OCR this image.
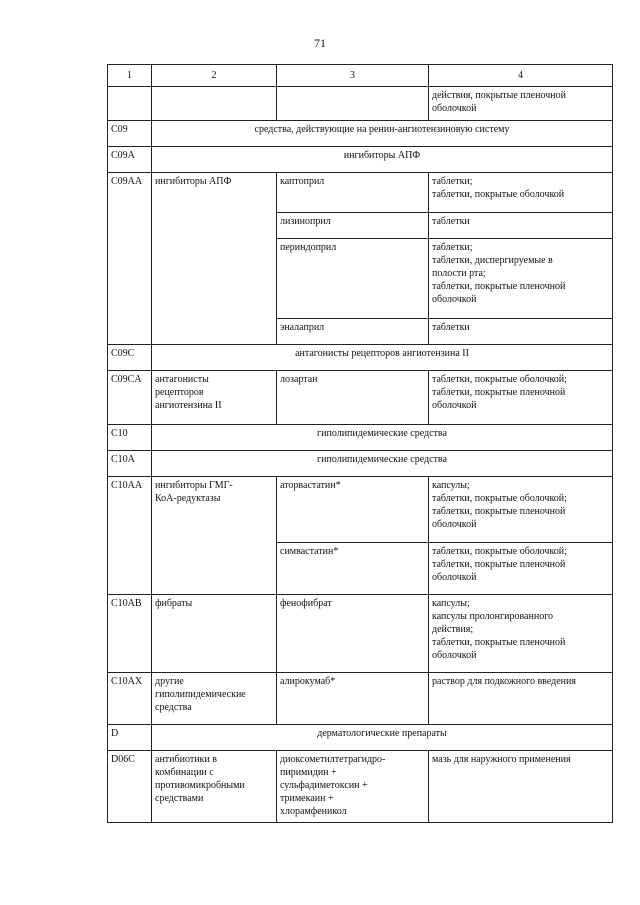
71
1	2	3	4
			действия, покрытые пленочной
оболочкой
C09	средства, действующие на ренин-ангиотензиновую систему		
C09A	ингибиторы АПФ		
C09AA	ингибиторы АПФ	каптоприл	таблетки;
таблетки, покрытые оболочкой
		лизиноприл	таблетки
		периндоприл	таблетки;
таблетки, диспергируемые в
полости рта;
таблетки, покрытые пленочной
оболочкой
		эналаприл	таблетки
C09C	антагонисты рецепторов ангиотензина II		
C09CA	антагонисты
рецепторов
ангиотензина II	лозартан	таблетки, покрытые оболочкой;
таблетки, покрытые пленочной
оболочкой
C10	гиполипидемические средства		
C10A	гиполипидемические средства		
C10AA	ингибиторы ГМГ-
КоА-редуктазы	аторвастатин*	капсулы;
таблетки, покрытые оболочкой;
таблетки, покрытые пленочной
оболочкой
		симвастатин*	таблетки, покрытые оболочкой;
таблетки, покрытые пленочной
оболочкой
C10AB	фибраты	фенофибрат	капсулы;
капсулы пролонгированного
действия;
таблетки, покрытые пленочной
оболочкой
C10AX	другие
гиполипидемические
средства	алирокумаб*	раствор для подкожного введения
D	дерматологические препараты		
D06C	антибиотики в
комбинации с
противомикробными
средствами	диоксометилтетрагидро-
пиримидин +
сульфадиметоксин +
тримекаин +
хлорамфеникол	мазь для наружного применения
